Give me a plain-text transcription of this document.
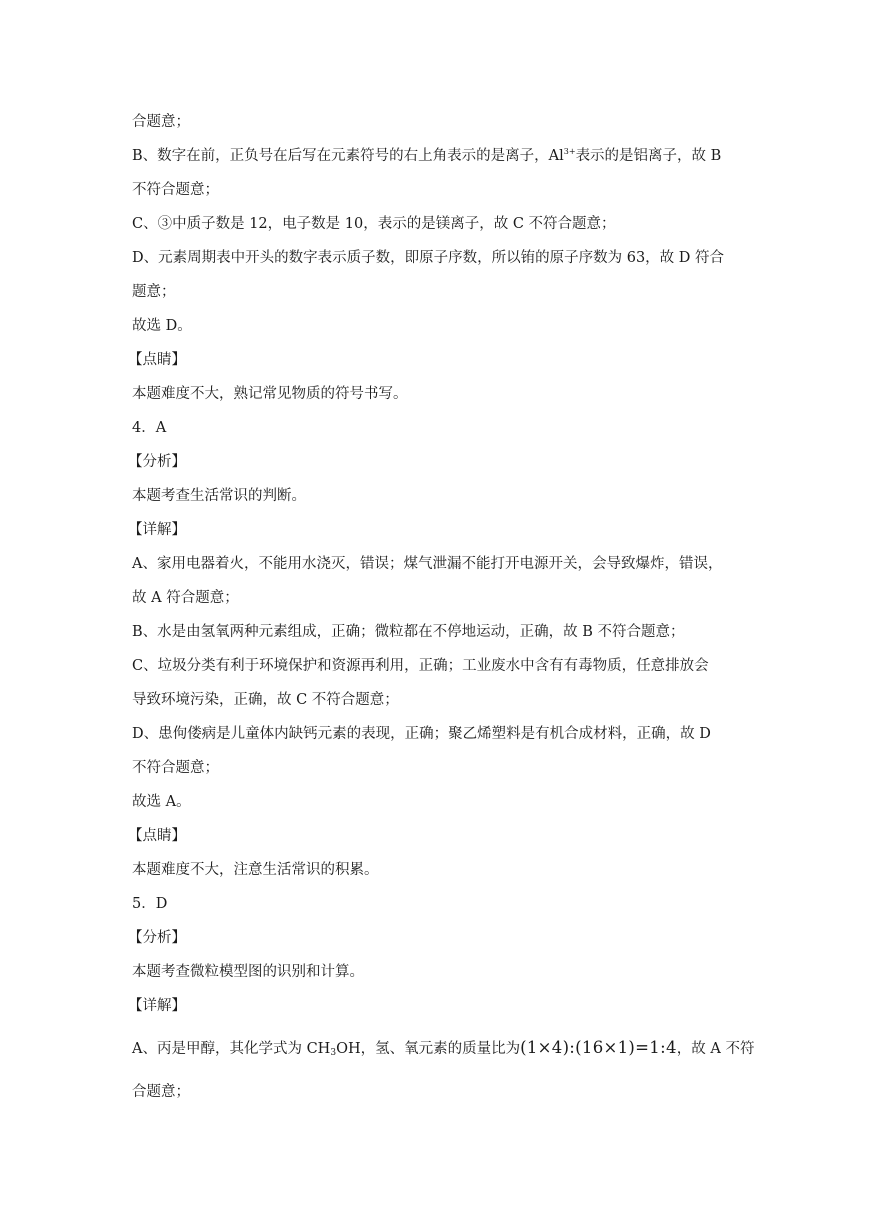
合题意；
B、数字在前，正负号在后写在元素符号的右上角表示的是离子，$Al^{3+}$表示的是铝离子，故 B
不符合题意；
C、③中质子数是 12，电子数是 10，表示的是镁离子，故 C 不符合题意；
D、元素周期表中开头的数字表示质子数，即原子序数，所以铕的原子序数为 63，故 D 符合
题意；
故选 D。
【点睛】
本题难度不大，熟记常见物质的符号书写。
4．A
【分析】
本题考查生活常识的判断。
【详解】
A、家用电器着火，不能用水浇灭，错误；煤气泄漏不能打开电源开关，会导致爆炸，错误，
故 A 符合题意；
B、水是由氢氧两种元素组成，正确；微粒都在不停地运动，正确，故 B 不符合题意；
C、垃圾分类有利于环境保护和资源再利用，正确；工业废水中含有有毒物质，任意排放会
导致环境污染，正确，故 C 不符合题意；
D、患佝偻病是儿童体内缺钙元素的表现，正确；聚乙烯塑料是有机合成材料，正确，故 D
不符合题意；
故选 A。
【点睛】
本题难度不大，注意生活常识的积累。
5．D
【分析】
本题考查微粒模型图的识别和计算。
【详解】
A、丙是甲醇，其化学式为 $CH_3OH$，氢、氧元素的质量比为(1×4):(16×1)=1:4，故 A 不符
合题意；
